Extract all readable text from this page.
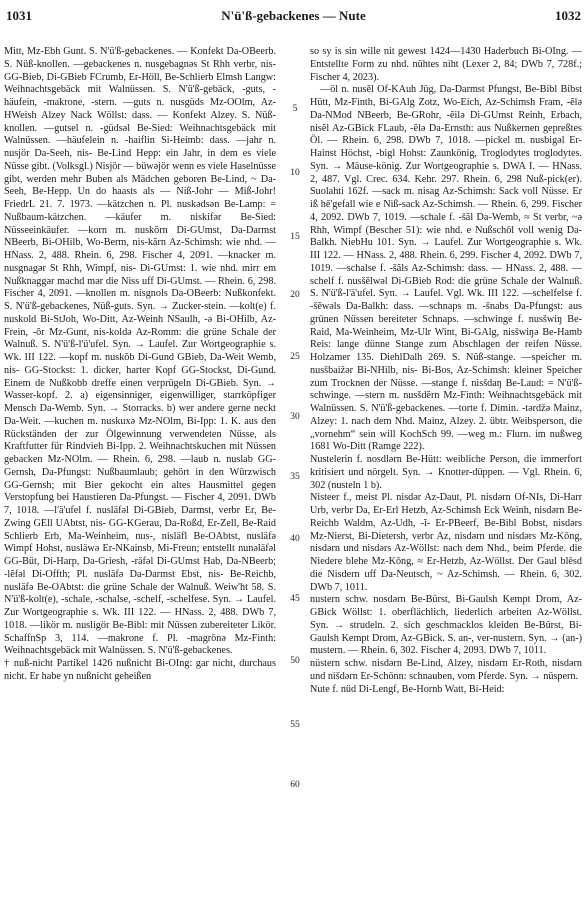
1031	N'ü'ß-gebackenes — Nute	1032

Mitt, Mz-Ebh Gunt. S. N'ü'ß-gebackenes. — Konfekt Da-OBeerb. S. Nüß-knollen. —gebackenes n. nusgebagnəs St Rhh verbr, nis- GG-Bieb, Di-GBieb FCrumb, Er-Höll, Be-Schlierb Elmsh Langw: Weihnachtsgebäck mit Walnüssen. S. N'ü'ß-gebäck, -guts, -häufein, -makrone, -stern. —guts n. nusgüds Mz-OOlm, Az-HWeish Alzey Nack Wöllst: dass. — Konfekt Alzey. S. Nüß-knollen. —gutsel n. -güdsəl Be-Sied: Weihnachtsgebäck mit Walnüssen. —häufelein n. -haiflin Si-Heimb: dass. —jahr n. nusjör Da-Seeh, nis- Be-Lind Hepp: ein Jahr, in dem es viele Nüsse gibt. (Volksgl.) Nisjör — büwəjör wenn es viele Haselnüsse gibt, werden mehr Buben als Mädchen geboren Be-Lind, ~ Da-Seeh, Be-Hepp. Un do haasts als — Niß-Johr — Miß-Johr! FriedrL 21. 7. 1973. —kätzchen n. Pl. nuskədsən Be-Lamp: = Nußbaum-kätzchen. —käufer m. niskifər Be-Sied: Nüsseeinkäufer. —korn m. nuskŏrn Di-GUmst, Da-Darmst NBeerb, Bi-OHilb, Wo-Berm, nis-kărn Az-Schimsh: wie nhd. — HNass. 2, 488. Rhein. 6, 298. Fischer 4, 2091. —knacker m. nusgnagər St Rhh, Wimpf, nis- Di-GUmst: 1. wie nhd. mirr em Nußknaggər machd mər die Niss uff Di-GUmst. — Rhein. 6, 298. Fischer 4, 2091. —knollen m. nisgnols Da-OBeerb: Nußkonfekt. S. N'ü'ß-gebackenes, Nüß-guts. Syn. → Zucker-stein. —kolt(e) f. nuskold Bi-StJoh, Wo-Ditt, Az-Weinh NSaulh, -ə Bi-OHilb, Az-Frein, -ŏr Mz-Gunt, nis-koldə Az-Romm: die grüne Schale der Walnuß. S. N'ü'ß-l'ü'ufel. Syn. → Laufel. Zur Wortgeographie s. Wk. III 122. —kopf m. nuskŏb Di-Gund GBieb, Da-Weit Wemb, nis- GG-Stockst: 1. dicker, harter Kopf GG-Stockst, Di-Gund. Einem de Nußkobb dreffe einen verprügeln Di-GBieb. Syn. → Wasser-kopf. 2. a) eigensinniger, eigenwilliger, starrköpfiger Mensch Da-Wemb. Syn. → Storracks. b) wer andere gerne neckt Da-Weit. —kuchen m. nuskuxə Mz-NOlm, Bi-Ipp: 1. K. aus den Rückständen der zur Ölgewinnung verwendeten Nüsse, als Kraftfutter für Rindvieh Bi-Ipp. 2. Weihnachtskuchen mit Nüssen gebacken Mz-NOlm. — Rhein. 6, 298. —laub n. nuslab GG-Gernsh, Da-Pfungst: Nußbaumlaub; gehört in den Würzwisch GG-Gernsh; mit Bier gekocht ein altes Hausmittel gegen Verstopfung bei Haustieren Da-Pfungst. — Fischer 4, 2091. DWb 7, 1018. —l'ä'ufel f. nusläfəl Di-GBieb, Darmst, verbr Er, Be-Zwing GEll UAbtst, nis- GG-KGerau, Da-Roßd, Er-Zell, Be-Raid Schlierb Erb, Ma-Weinheim, nus-, nisläfl Be-OAbtst, nusläfə Wimpf Hohst, nusläwə Er-NKainsb, Mi-Freun; entstellt nunəläfəl GG-Büt, Di-Harp, Da-Griesh, -räfəl Di-GUmst Hab, Da-NBeerb; -lĕfəl Di-Offth; Pl. nusläfə Da-Darmst Ebst, nis- Be-Reichb, nusläfə Be-OAbtst: die grüne Schale der Walnuß. Weiw'ht 58. S. N'ü'ß-kolt(e), -schale, -schalse, -schelf, -schelfese. Syn. → Laufel. Zur Wortgeographie s. Wk. III 122. — HNass. 2, 488. DWb 7, 1018. —likör m. nusligör Be-Bibl: mit Nüssen zubereiteter Likör. SchaffnSp 3, 114. —makrone f. Pl. -magrōnə Mz-Finth: Weihnachtsgebäck mit Walnüssen. S. N'ü'ß-gebackenes.

† nuß-nicht Partikel 1426 nußnicht Bi-OIng: gar nicht, durchaus nicht. Er habe yn nußnicht geheißen

so sy is sin wille nit gewest 1424—1430 Haderbuch Bi-OIng. — Entstellte Form zu nhd. nühtes niht (Lexer 2, 84; DWb 7, 728f.; Fischer 4, 2023).

—öl n. nusĕl Of-KAuh Jüg, Da-Darmst Pfungst, Be-Bibl Bibst Hütt, Mz-Finth, Bi-GAlg Zotz, Wo-Eich, Az-Schimsh Fram, -ĕlə Da-NMod NBeerb, Be-GRohr, -ĕilə Di-GUmst Reinh, Erbach, nisĕl Az-GBick FLaub, -ĕlə Da-Ernsth: aus Nußkernen gepreßtes Öl. — Rhein. 6, 298. DWb 7, 1018. —pickel m. nusbigəl Er-Hainst Höchst, -bigl Hohst: Zaunkönig, Troglodytes troglodytes. Syn. → Mäuse-könig. Zur Wortgeographie s. DWA I. — HNass. 2, 487. Vgl. Crec. 634. Kehr. 297. Rhein. 6, 298 Nuß-pick(er). Suolahti 162f. —sack m. nisag Az-Schimsh: Sack voll Nüsse. Er iß hē'gefall wie e Niß-sack Az-Schimsh. — Rhein. 6, 299. Fischer 4, 2092. DWb 7, 1019. —schale f. -šăl Da-Wemb, ≈ St verbr, ~ə Rhh, Wimpf (Bescher 51): wie nhd. e Nußschōl voll wenig Da-Balkh. NiebHu 101. Syn. → Laufel. Zur Wortgeographie s. Wk. III 122. — HNass. 2, 488. Rhein. 6, 299. Fischer 4, 2092. DWb 7, 1019. —schalse f. -šăls Az-Schimsh: dass. — HNass. 2, 488. —schelf f. nusšĕlwəl Di-GBieb Rod: die grüne Schale der Walnuß. S. N'ü'ß-l'ä'ufel. Syn. → Laufel. Vgl. Wk. III 122. —schelfelse f. -šĕwəls Da-Balkh: dass. —schnaps m. -šnabs Da-Pfungst: aus grünen Nüssen bereiteter Schnaps. —schwinge f. nusšwiŋ Be-Raid, Ma-Weinheim, Mz-Ulr Wint, Bi-GAlg, nisšwiŋə Be-Hamb Reis: lange dünne Stange zum Abschlagen der reifen Nüsse. Holzamer 135. DiehlDalh 269. S. Nüß-stange. —speicher m. nusšbaižər Bi-NHilb, nis- Bi-Bos, Az-Schimsh: kleiner Speicher zum Trocknen der Nüsse. —stange f. nisšdaŋ Be-Laud: = N'ü'ß-schwinge. —stern m. nusšdĕrn Mz-Finth: Weihnachtsgebäck mit Walnüssen. S. N'ü'ß-gebackenes. —torte f. Dimin. -tərdžə Mainz, Alzey: 1. nach dem Nhd. Mainz, Alzey. 2. übtr. Weibsperson, die „vornehm“ sein will KochSch 99. —weg m.: Flurn. im nußweg 1681 Wo-Ditt (Ramge 222).

Nustelerin f. nosdlərn Be-Hütt: weibliche Person, die immerfort kritisiert und nörgelt. Syn. → Knotter-düppen. — Vgl. Rhein. 6, 302 (nusteln 1 b).

Nisteer f., meist Pl. nisdər Az-Daut, Pl. nisdərn Of-NIs, Di-Harr Urb, verbr Da, Er-Erl Hetzb, Az-Schimsh Eck Weinh, nisdərn Be-Reichb Waldm, Az-Udh, -ĭ- Er-PBeerf, Be-Bibl Bobst, nisdərs Mz-Nierst, Bi-Dietersh, verbr Az, nisdərn und nisdərs Mz-Kōng, nisdərn und nisdərs Az-Wöllst: nach dem Nhd., beim Pferde. die Niedere blehe Mz-Kōng, ≈ Er-Hetzb, Az-Wöllst. Der Gaul blēsd die Nisdern uff Da-Neutsch, ~ Az-Schimsh. — Rhein. 6, 302. DWb 7, 1011.

nustern schw. nosdərn Be-Bürst, Bi-Gaulsh Kempt Drom, Az-GBick Wöllst: 1. oberflächlich, liederlich arbeiten Az-Wöllst. Syn. → strudeln. 2. sich geschmacklos kleiden Be-Bürst, Bi-Gaulsh Kempt Drom, Az-GBick. S. an-, ver-nustern. Syn. → (an-) mustern. — Rhein. 6, 302. Fischer 4, 2093. DWb 7, 1011.

nüstern schw. nisdərn Be-Lind, Alzey, nisdərn Er-Roth, nisdərn und nišdərn Er-Schönn: schnauben, vom Pferde. Syn. → nüspern.

Nute f. nüd Di-Lengf, Be-Hornb Watt, Bi-Heid:

5
10
15
20
25
30
35
40
45
50
55
60
